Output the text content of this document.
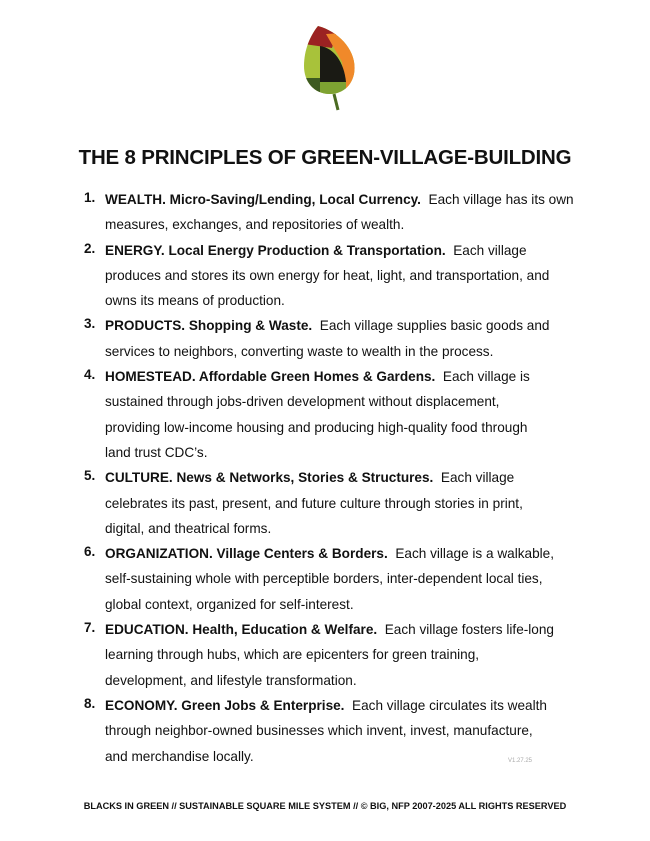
THE 8 PRINCIPLES OF GREEN-VILLAGE-BUILDING
1. WEALTH. Micro-Saving/Lending, Local Currency. Each village has its own
measures, exchanges, and repositories of wealth.
2. ENERGY. Local Energy Production & Transportation. Each village
produces and stores its own energy for heat, light, and transportation, and
owns its means of production.
3. PRODUCTS. Shopping & Waste. Each village supplies basic goods and
services to neighbors, converting waste to wealth in the process.
4. HOMESTEAD. Affordable Green Homes & Gardens. Each village is
sustained through jobs-driven development without displacement,
providing low-income housing and producing high-quality food through
land trust CDC’s.
5. CULTURE. News & Networks, Stories & Structures. Each village
celebrates its past, present, and future culture through stories in print,
digital, and theatrical forms.
6. ORGANIZATION. Village Centers & Borders. Each village is a walkable,
self-sustaining whole with perceptible borders, inter-dependent local ties,
global context, organized for self-interest.
7. EDUCATION. Health, Education & Welfare. Each village fosters life-long
learning through hubs, which are epicenters for green training,
development, and lifestyle transformation.
8. ECONOMY. Green Jobs & Enterprise. Each village circulates its wealth
through neighbor-owned businesses which invent, invest, manufacture,
and merchandise locally.	V1.27.25
BLACKS IN GREEN // SUSTAINABLE SQUARE MILE SYSTEM // © BIG, NFP 2007-2025 ALL RIGHTS RESERVED
